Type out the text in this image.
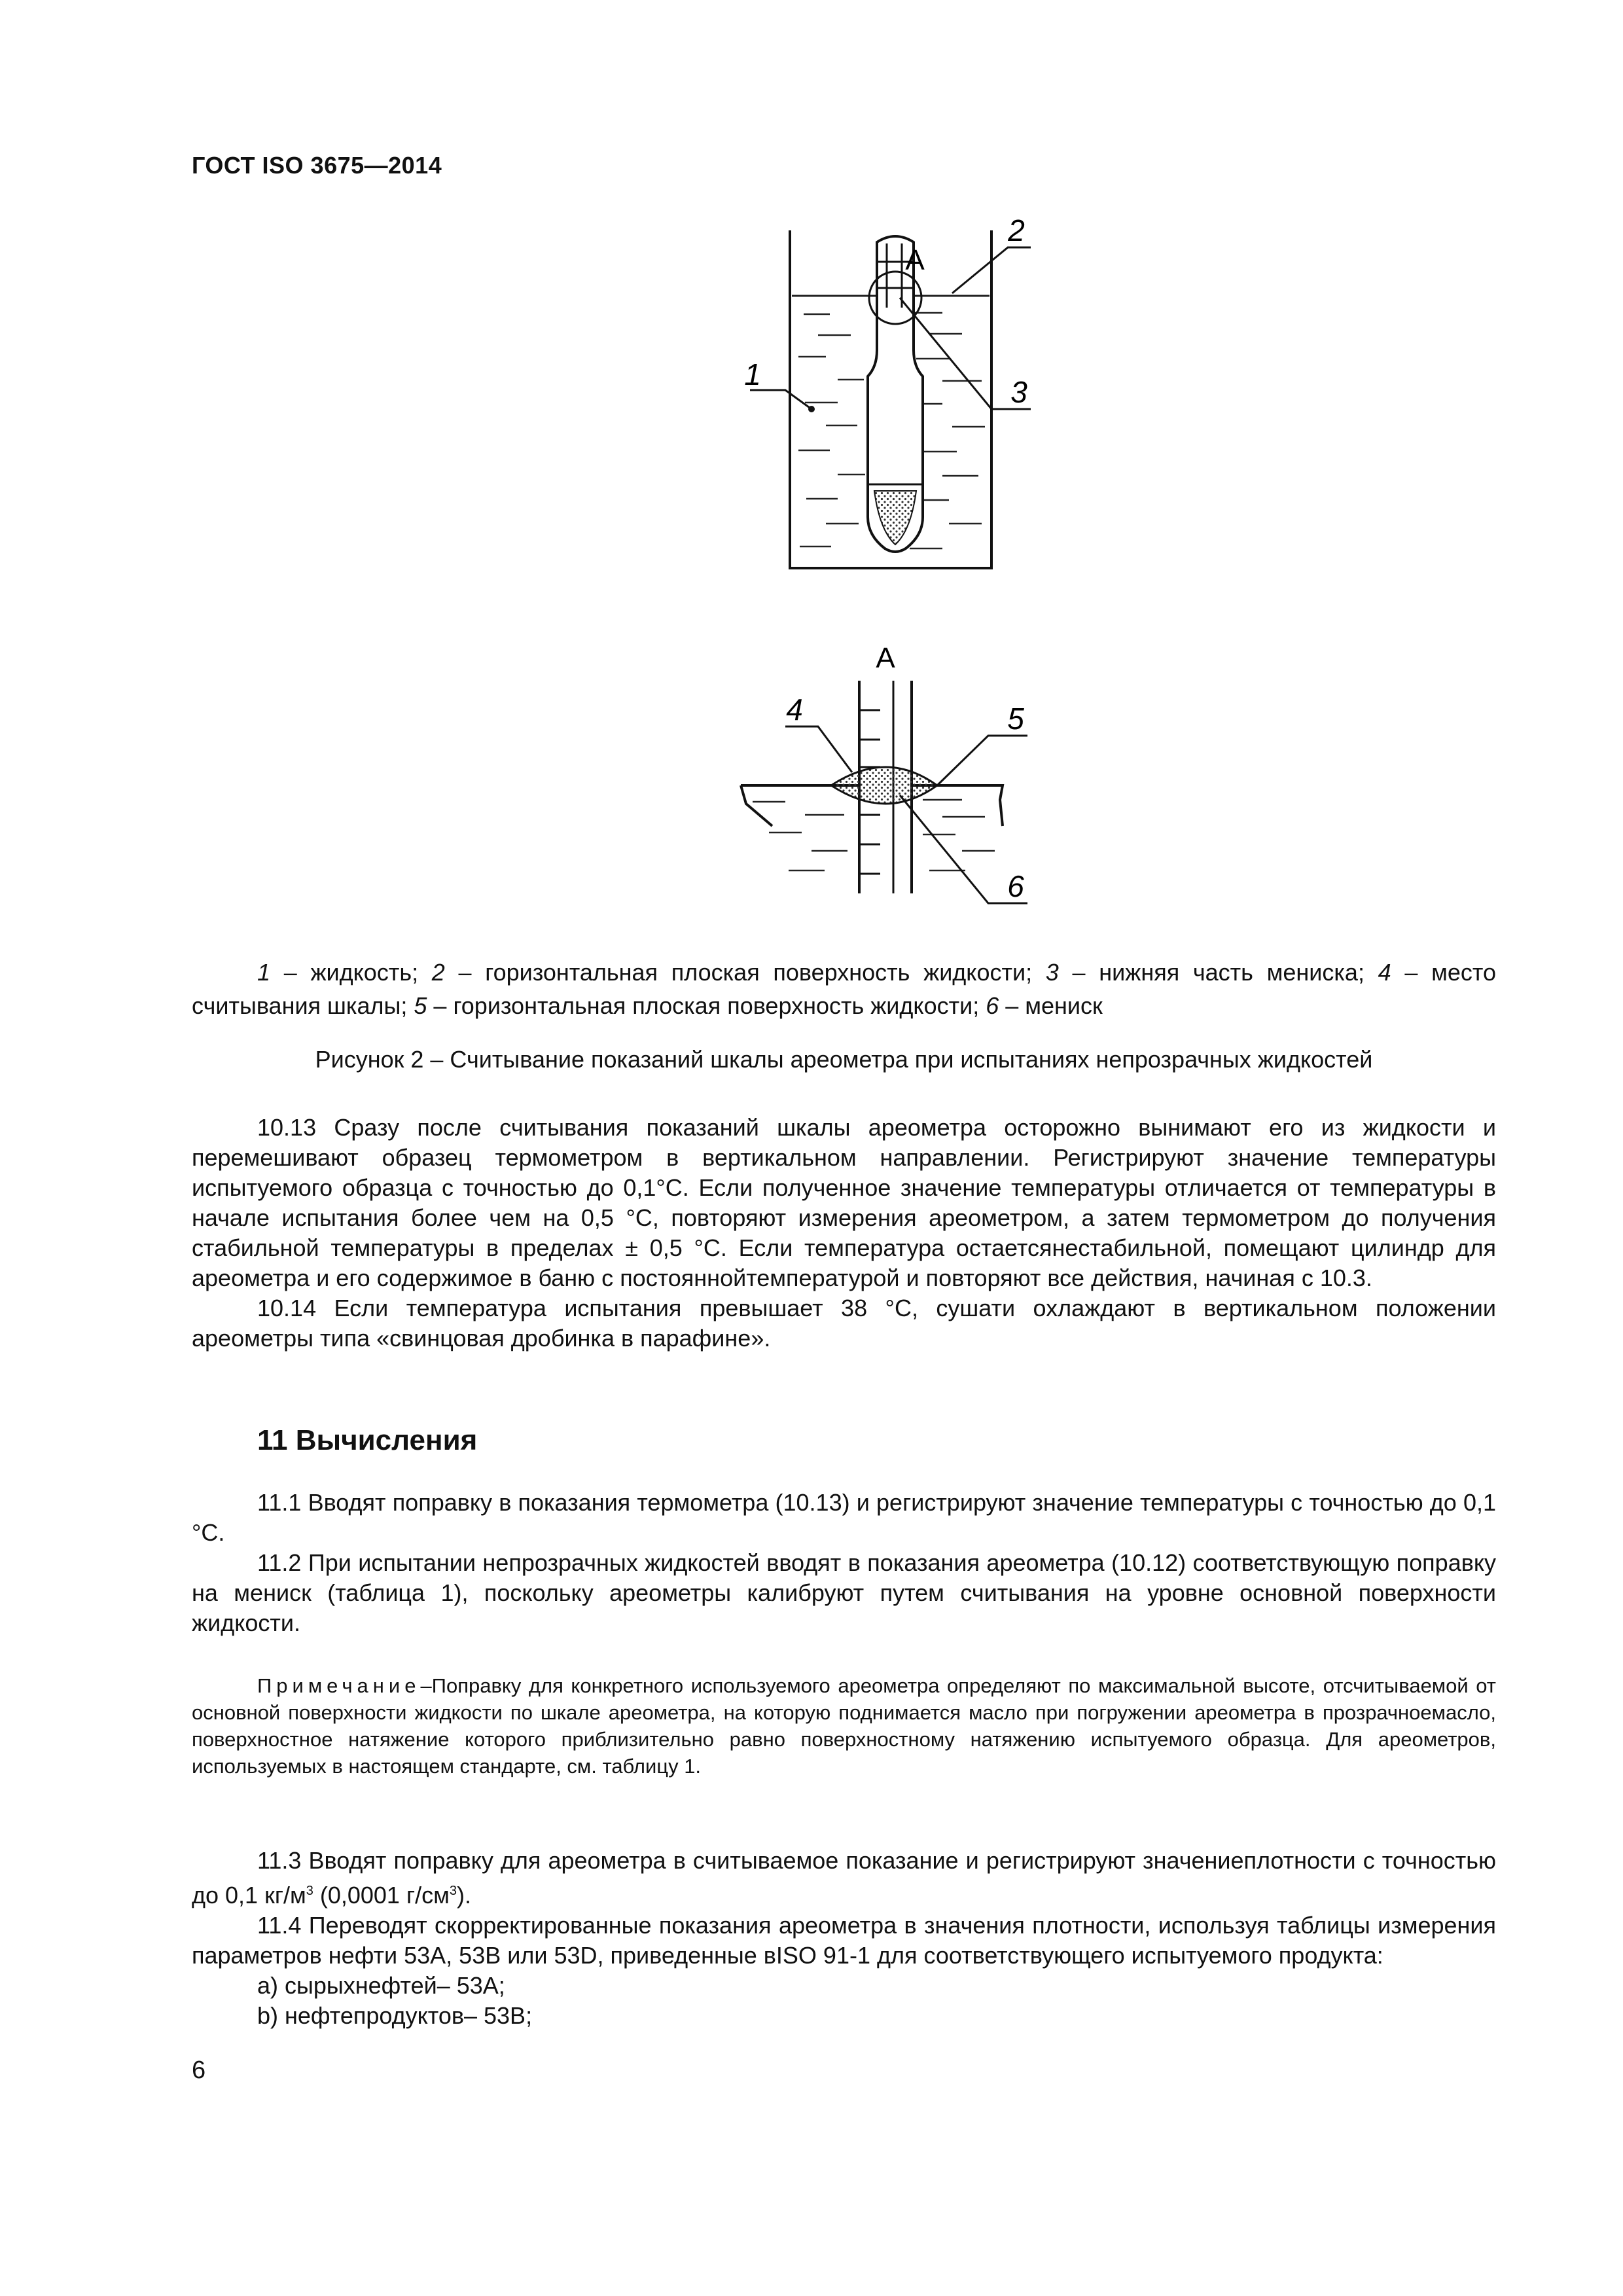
ГОСТ ISO 3675—2014
1
2
3
A
4	5
6
A
1 – жидкость; 2 – горизонтальная плоская поверхность жидкости; 3 – нижняя часть мениска; 4 – место считывания шкалы; 5 – горизонтальная плоская поверхность жидкости; 6 – мениск
Рисунок 2 – Считывание показаний шкалы ареометра при испытаниях непрозрачных жидкостей

10.13 Сразу после считывания показаний шкалы ареометра осторожно вынимают его из жидкости и перемешивают образец термометром в вертикальном направлении. Регистрируют значение температуры испытуемого образца с точностью до 0,1°С. Если полученное значение температуры отличается от температуры в начале испытания более чем на 0,5 °С, повторяют измерения ареометром, а затем термометром до получения стабильной температуры в пределах ± 0,5 °С. Если температура остаетсянестабильной, помещают цилиндр для ареометра и его содержимое в баню с постояннойтемпературой и повторяют все действия, начиная с 10.3.

10.14 Если температура испытания превышает 38 °С, сушати охлаждают в вертикальном положении ареометры типа «свинцовая дробинка в парафине».

11 Вычисления

11.1 Вводят поправку в показания термометра (10.13) и регистрируют значение температуры с точностью до 0,1 °С.

11.2 При испытании непрозрачных жидкостей вводят в показания ареометра (10.12) соответствующую поправку на мениск (таблица 1), поскольку ареометры калибруют путем считывания на уровне основной поверхности жидкости.

Примечание–Поправку для конкретного используемого ареометра определяют по максимальной высоте, отсчитываемой от основной поверхности жидкости по шкале ареометра, на которую поднимается масло при погружении ареометра в прозрачноемасло, поверхностное натяжение которого приблизительно равно поверхностному натяжению испытуемого образца. Для ареометров, используемых в настоящем стандарте, см. таблицу 1.

11.3 Вводят поправку для ареометра в считываемое показание и регистрируют значениеплотности с точностью до 0,1 $кг/м^3$ (0,0001 $г/см^3$).

11.4 Переводят скорректированные показания ареометра в значения плотности, используя таблицы измерения параметров нефти 53А, 53В или 53D, приведенные вISO 91-1 для соответствующего испытуемого продукта:

а) сырыхнефтей– 53А;

b) нефтепродуктов– 53В;

6
